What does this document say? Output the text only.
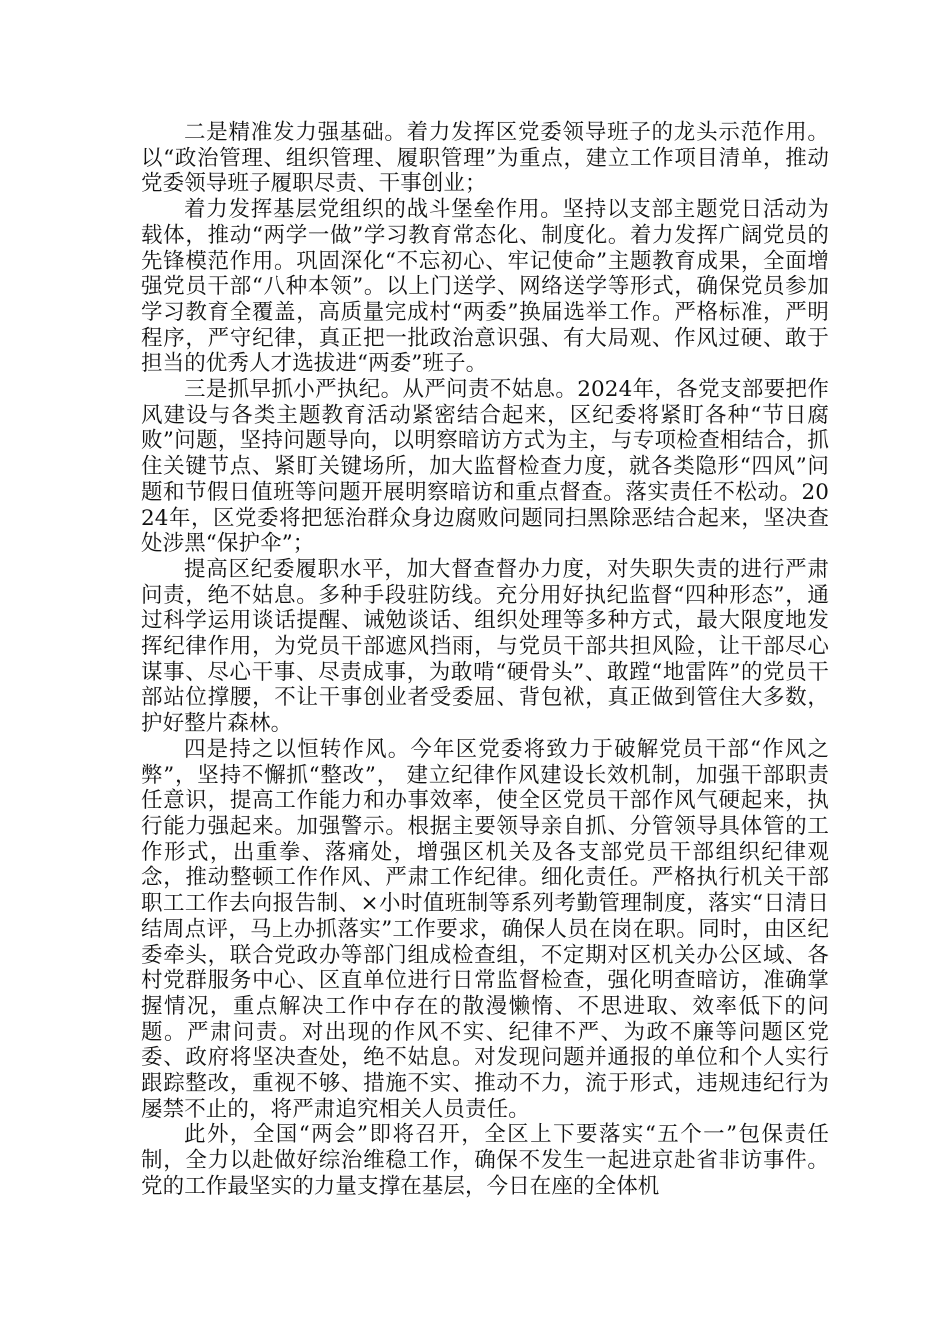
二是精准发力强基础。着力发挥区党委领导班子的龙头示范作用。以“政治管理、组织管理、履职管理”为重点，建立工作项目清单，推动党委领导班子履职尽责、干事创业；

着力发挥基层党组织的战斗堡垒作用。坚持以支部主题党日活动为载体，推动“两学一做”学习教育常态化、制度化。着力发挥广阔党员的先锋模范作用。巩固深化“不忘初心、牢记使命”主题教育成果，全面增强党员干部“八种本领”。以上门送学、网络送学等形式，确保党员参加学习教育全覆盖，高质量完成村“两委”换届选举工作。严格标准，严明程序，严守纪律，真正把一批政治意识强、有大局观、作风过硬、敢于担当的优秀人才选拔进“两委”班子。

三是抓早抓小严执纪。从严问责不姑息。2024年，各党支部要把作风建设与各类主题教育活动紧密结合起来，区纪委将紧盯各种“节日腐败”问题，坚持问题导向，以明察暗访方式为主，与专项检查相结合，抓住关键节点、紧盯关键场所，加大监督检查力度，就各类隐形“四风”问题和节假日值班等问题开展明察暗访和重点督查。落实责任不松动。2024年，区党委将把惩治群众身边腐败问题同扫黑除恶结合起来，坚决查处涉黑“保护伞”；

提高区纪委履职水平，加大督查督办力度，对失职失责的进行严肃问责，绝不姑息。多种手段驻防线。充分用好执纪监督“四种形态”，通过科学运用谈话提醒、诫勉谈话、组织处理等多种方式，最大限度地发挥纪律作用，为党员干部遮风挡雨，与党员干部共担风险，让干部尽心谋事、尽心干事、尽责成事，为敢啃“硬骨头”、敢蹚“地雷阵”的党员干部站位撑腰，不让干事创业者受委屈、背包袱，真正做到管住大多数，护好整片森林。

四是持之以恒转作风。今年区党委将致力于破解党员干部“作风之弊”，坚持不懈抓“整改”， 建立纪律作风建设长效机制，加强干部职责任意识，提高工作能力和办事效率，使全区党员干部作风气硬起来，执行能力强起来。加强警示。根据主要领导亲自抓、分管领导具体管的工作形式，出重拳、落痛处，增强区机关及各支部党员干部组织纪律观念，推动整顿工作作风、严肃工作纪律。细化责任。严格执行机关干部职工工作去向报告制、×小时值班制等系列考勤管理制度，落实“日清日结周点评，马上办抓落实”工作要求，确保人员在岗在职。同时，由区纪委牵头，联合党政办等部门组成检查组，不定期对区机关办公区域、各村党群服务中心、区直单位进行日常监督检查，强化明查暗访，准确掌握情况，重点解决工作中存在的散漫懒惰、不思进取、效率低下的问题。严肃问责。对出现的作风不实、纪律不严、为政不廉等问题区党委、政府将坚决查处，绝不姑息。对发现问题并通报的单位和个人实行跟踪整改，重视不够、措施不实、推动不力，流于形式，违规违纪行为屡禁不止的，将严肃追究相关人员责任。

此外，全国“两会”即将召开，全区上下要落实“五个一”包保责任制，全力以赴做好综治维稳工作，确保不发生一起进京赴省非访事件。党的工作最坚实的力量支撑在基层，今日在座的全体机
